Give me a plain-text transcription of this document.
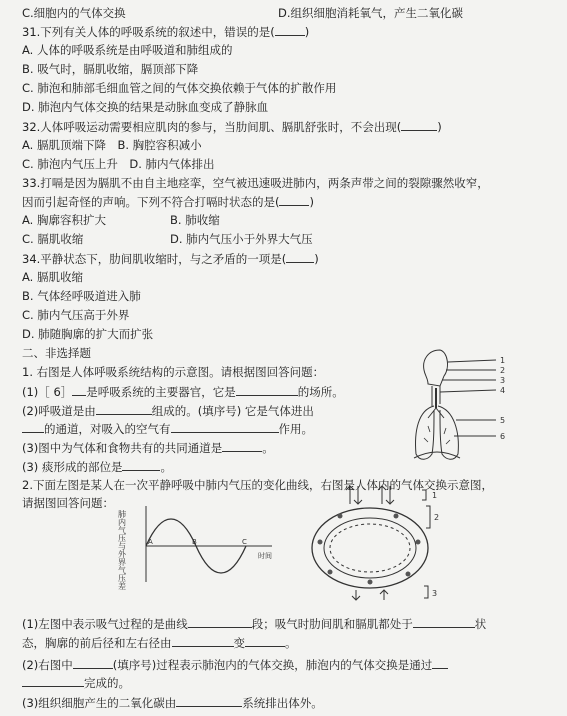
C.细胞内的气体交换	D.组织细胞消耗氧气，产生二氧化碳
31.下列有关人体的呼吸系统的叙述中，错误的是(	)
A. 人体的呼吸系统是由呼吸道和肺组成的
B. 吸气时，膈肌收缩，膈顶部下降
C. 肺泡和肺部毛细血管之间的气体交换依赖于气体的扩散作用
D. 肺泡内气体交换的结果是动脉血变成了静脉血
32.人体呼吸运动需要相应肌肉的参与，当肋间肌、膈肌舒张时，不会出现(	)
A. 膈肌顶端下降　B. 胸腔容积减小
C. 肺泡内气压上升　D. 肺内气体排出
33.打嗝是因为膈肌不由自主地痉挛，空气被迅速吸进肺内，两条声带之间的裂隙骤然收窄，
因而引起奇怪的声响。下列不符合打嗝时状态的是(	)
A. 胸廓容积扩大	B. 肺收缩
C. 膈肌收缩	D. 肺内气压小于外界大气压
34.平静状态下，肋间肌收缩时，与之矛盾的一项是( )
A. 膈肌收缩
B. 气体经呼吸道进入肺
C. 肺内气压高于外界
D. 肺随胸廓的扩大而扩张
二、非选择题
1. 右图是人体呼吸系统结构的示意图。请根据图回答问题：
(1)［ 6］ 是呼吸系统的主要器官，它是	的场所。
(2)呼吸道是由	组成的。(填序号) 它是气体进出
的通道，对吸入的空气有	作用。
(3)图中为气体和食物共有的共同通道是	。
(3) 痰形成的部位是	。
1
2
3
4
5
6
2.下面左图是某人在一次平静呼吸中肺内气压的变化曲线，右图是人体内的气体交换示意图，
请据图回答问题：
肺内气压与外界气压差	A	B	C
时间
1
2
3
(1)左图中表示吸气过程的是曲线	段；吸气时肋间肌和膈肌都处于	状
态，胸廓的前后径和左右径由	变	。
(2)右图中	(填序号)过程表示肺泡内的气体交换，肺泡内的气体交换是通过
完成的。
(3)组织细胞产生的二氧化碳由	系统排出体外。
